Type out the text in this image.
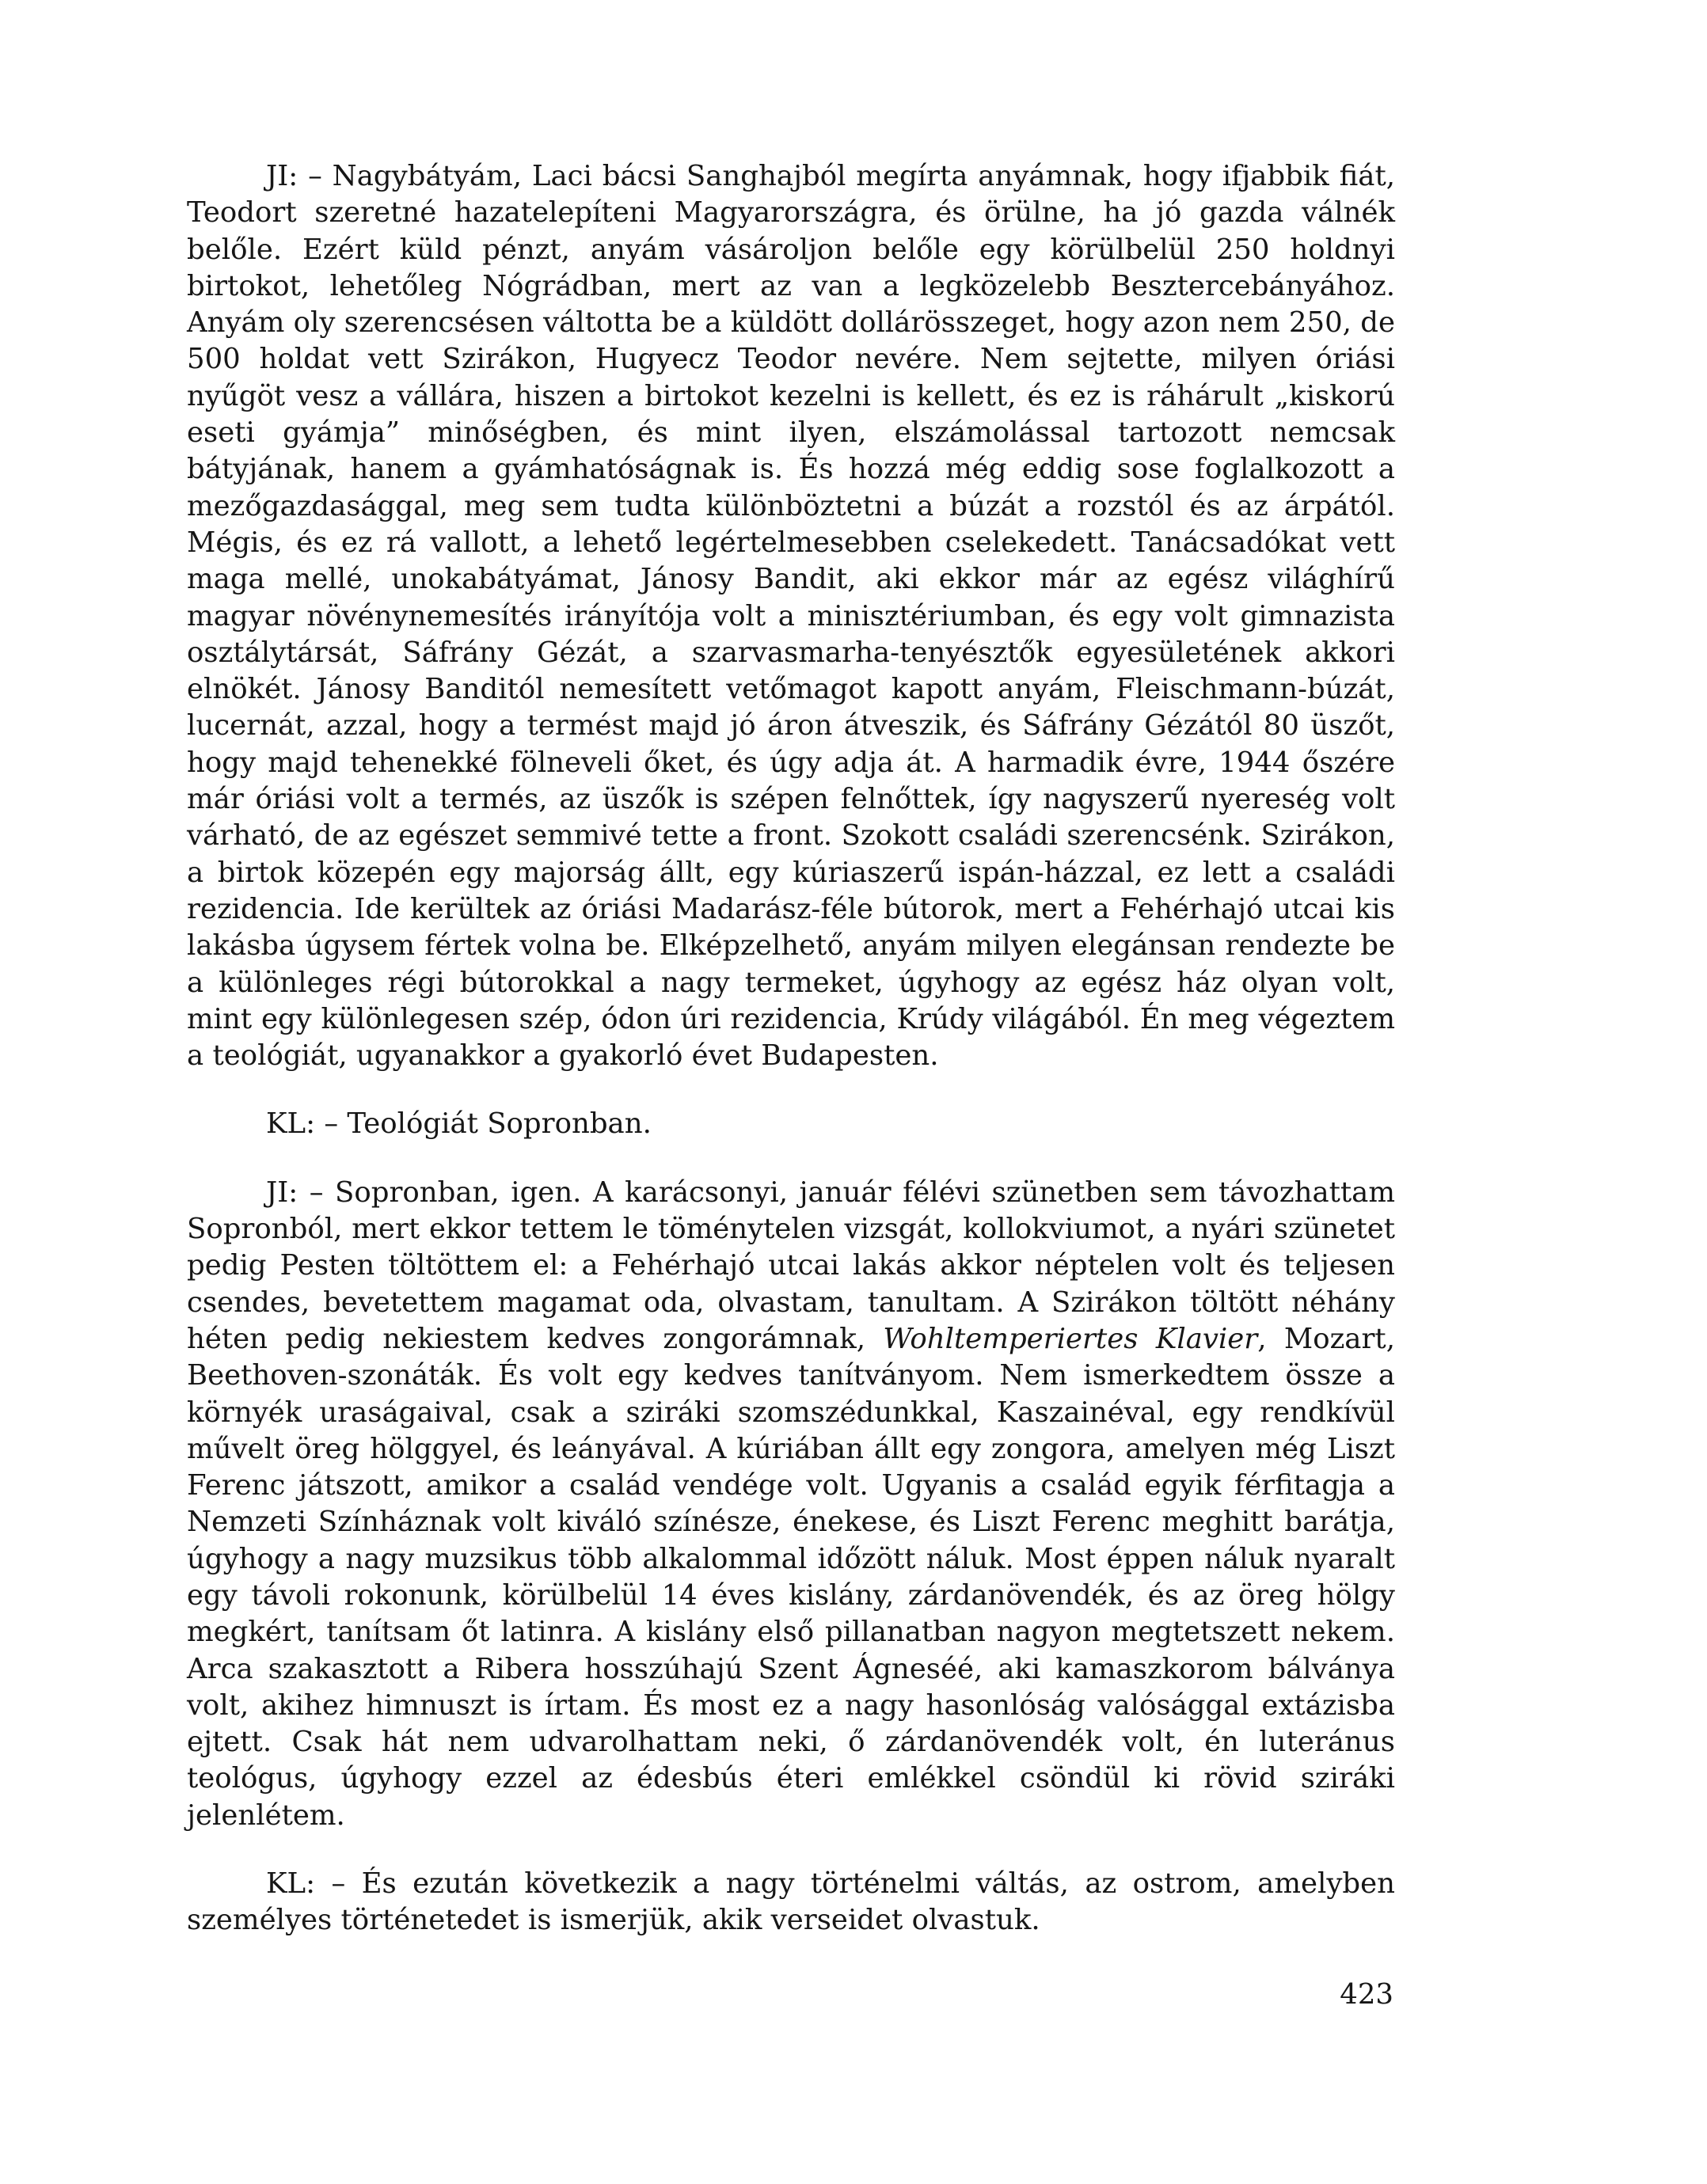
JI: – Nagybátyám, Laci bácsi Sanghajból megírta anyámnak, hogy ifjabbik fiát, Teodort szeretné hazatelepíteni Magyarországra, és örülne, ha jó gazda válnék belőle. Ezért küld pénzt, anyám vásároljon belőle egy körülbelül 250 holdnyi birtokot, lehetőleg Nógrádban, mert az van a legközelebb Besztercebányához. Anyám oly szerencsésen váltotta be a küldött dollárösszeget, hogy azon nem 250, de 500 holdat vett Szirákon, Hugyecz Teodor nevére. Nem sejtette, milyen óriási nyűgöt vesz a vállára, hiszen a birtokot kezelni is kellett, és ez is ráhárult „kiskorú eseti gyámja” minőségben, és mint ilyen, elszámolással tartozott nemcsak bátyjának, hanem a gyámhatóságnak is. És hozzá még eddig sose foglalkozott a mezőgazdasággal, meg sem tudta különböztetni a búzát a rozstól és az árpától. Mégis, és ez rá vallott, a lehető legértelmesebben cselekedett. Tanácsadókat vett maga mellé, unokabátyámat, Jánosy Bandit, aki ekkor már az egész világhírű magyar növénynemesítés irányítója volt a minisztériumban, és egy volt gimnazista osztálytársát, Sáfrány Gézát, a szarvasmarha-tenyésztők egyesületének akkori elnökét. Jánosy Banditól nemesített vetőmagot kapott anyám, Fleischmann-búzát, lucernát, azzal, hogy a termést majd jó áron átveszik, és Sáfrány Gézától 80 üszőt, hogy majd tehenekké fölneveli őket, és úgy adja át. A harmadik évre, 1944 őszére már óriási volt a termés, az üszők is szépen felnőttek, így nagyszerű nyereség volt várható, de az egészet semmivé tette a front. Szokott családi szerencsénk. Szirákon, a birtok közepén egy majorság állt, egy kúriaszerű ispán-házzal, ez lett a családi rezidencia. Ide kerültek az óriási Madarász-féle bútorok, mert a Fehérhajó utcai kis lakásba úgysem fértek volna be. Elképzelhető, anyám milyen elegánsan rendezte be a különleges régi bútorokkal a nagy termeket, úgyhogy az egész ház olyan volt, mint egy különlegesen szép, ódon úri rezidencia, Krúdy világából. Én meg végeztem a teológiát, ugyanakkor a gyakorló évet Budapesten.

KL: – Teológiát Sopronban.

JI: – Sopronban, igen. A karácsonyi, január félévi szünetben sem távozhattam Sopronból, mert ekkor tettem le töménytelen vizsgát, kollokviumot, a nyári szünetet pedig Pesten töltöttem el: a Fehérhajó utcai lakás akkor néptelen volt és teljesen csendes, bevetettem magamat oda, olvastam, tanultam. A Szirákon töltött néhány héten pedig nekiestem kedves zongorámnak, Wohltemperiertes Klavier, Mozart, Beethoven-szonáták. És volt egy kedves tanítványom. Nem ismerkedtem össze a környék uraságaival, csak a sziráki szomszédunkkal, Kaszainéval, egy rendkívül művelt öreg hölggyel, és leányával. A kúriában állt egy zongora, amelyen még Liszt Ferenc játszott, amikor a család vendége volt. Ugyanis a család egyik férfitagja a Nemzeti Színháznak volt kiváló színésze, énekese, és Liszt Ferenc meghitt barátja, úgyhogy a nagy muzsikus több alkalommal időzött náluk. Most éppen náluk nyaralt egy távoli rokonunk, körülbelül 14 éves kislány, zárdanövendék, és az öreg hölgy megkért, tanítsam őt latinra. A kislány első pillanatban nagyon megtetszett nekem. Arca szakasztott a Ribera hosszúhajú Szent Ágneséé, aki kamaszkorom bálványa volt, akihez himnuszt is írtam. És most ez a nagy hasonlóság valósággal extázisba ejtett. Csak hát nem udvarolhattam neki, ő zárdanövendék volt, én luteránus teológus, úgyhogy ezzel az édesbús éteri emlékkel csöndül ki rövid sziráki jelenlétem.

KL: – És ezután következik a nagy történelmi váltás, az ostrom, amelyben személyes történetedet is ismerjük, akik verseidet olvastuk.

423
